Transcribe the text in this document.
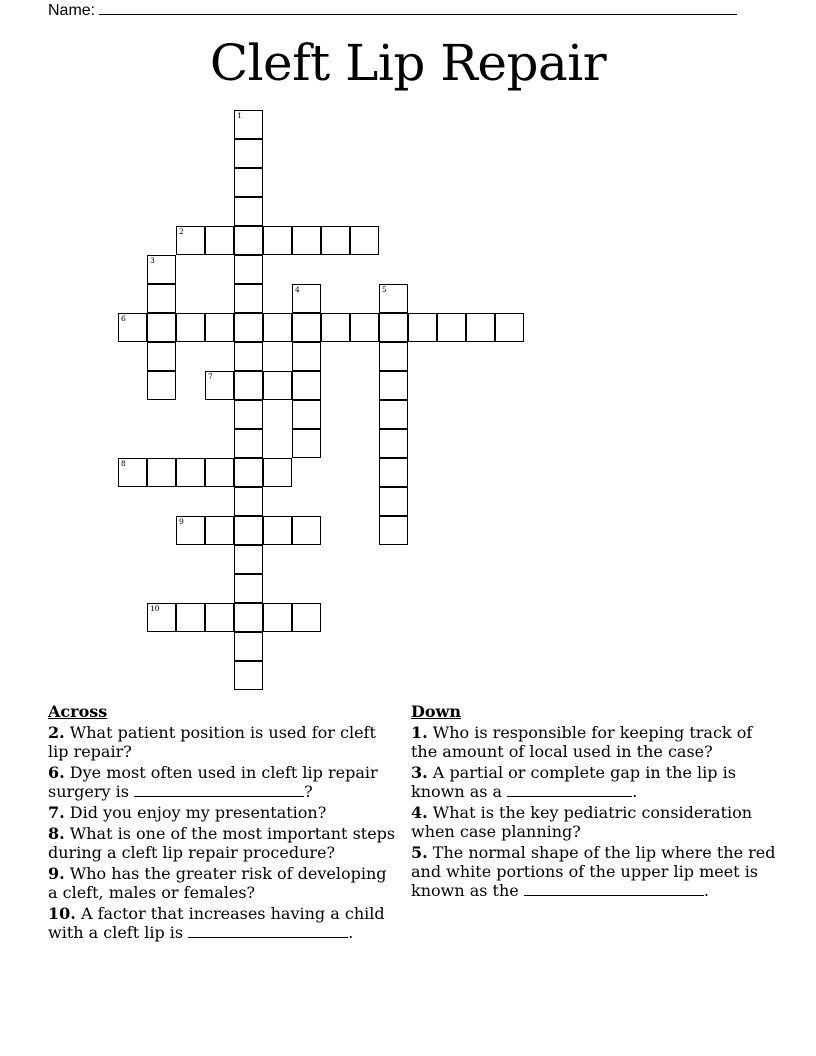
Name:
Cleft Lip Repair
1
2
3
6
4	5
7
8
9
10
Across
2. What patient position is used for cleft lip repair?
6. Dye most often used in cleft lip repair surgery is	?
7. Did you enjoy my presentation?
8. What is one of the most important steps during a cleft lip repair procedure?
9. Who has the greater risk of developing a cleft, males or females?
10. A factor that increases having a child with a cleft lip is	.
Down
1. Who is responsible for keeping track of the amount of local used in the case?
3. A partial or complete gap in the lip is known as a	.
4. What is the key pediatric consideration when case planning?
5. The normal shape of the lip where the red and white portions of the upper lip meet is known as the	.
